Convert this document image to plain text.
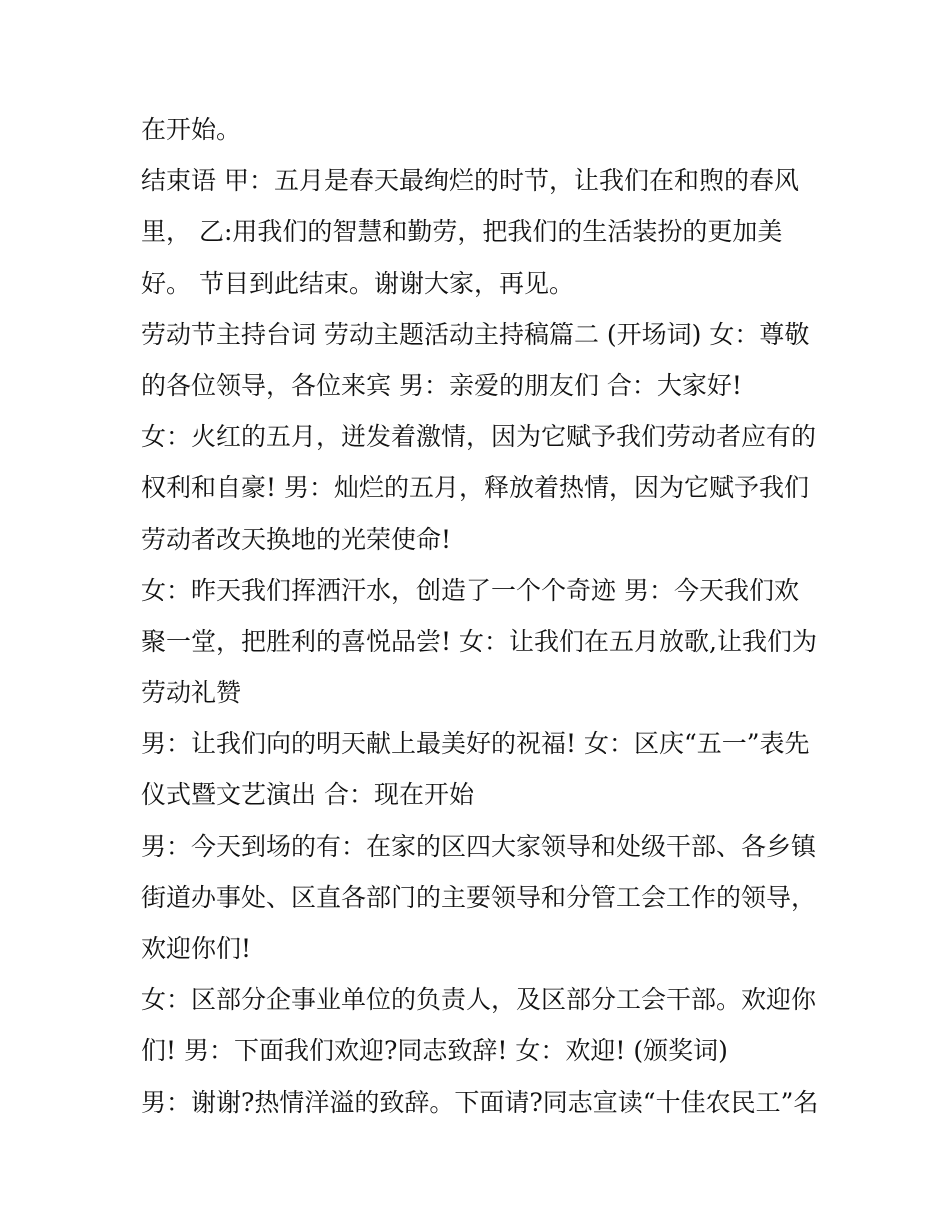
在开始。
结束语 甲：五月是春天最绚烂的时节，让我们在和煦的春风
里， 乙:用我们的智慧和勤劳，把我们的生活装扮的更加美
好。 节目到此结束。谢谢大家，再见。
劳动节主持台词 劳动主题活动主持稿篇二 (开场词) 女：尊敬
的各位领导，各位来宾 男：亲爱的朋友们 合：大家好!
女：火红的五月，迸发着激情，因为它赋予我们劳动者应有的
权利和自豪! 男：灿烂的五月，释放着热情，因为它赋予我们
劳动者改天换地的光荣使命!
女：昨天我们挥洒汗水，创造了一个个奇迹 男：今天我们欢
聚一堂，把胜利的喜悦品尝! 女：让我们在五月放歌,让我们为
劳动礼赞
男：让我们向的明天献上最美好的祝福! 女：区庆“五一”表先
仪式暨文艺演出 合：现在开始
男：今天到场的有：在家的区四大家领导和处级干部、各乡镇
街道办事处、区直各部门的主要领导和分管工会工作的领导，
欢迎你们!
女：区部分企事业单位的负责人，及区部分工会干部。欢迎你
们! 男：下面我们欢迎?同志致辞! 女：欢迎! (颁奖词)
男：谢谢?热情洋溢的致辞。下面请?同志宣读“十佳农民工”名
